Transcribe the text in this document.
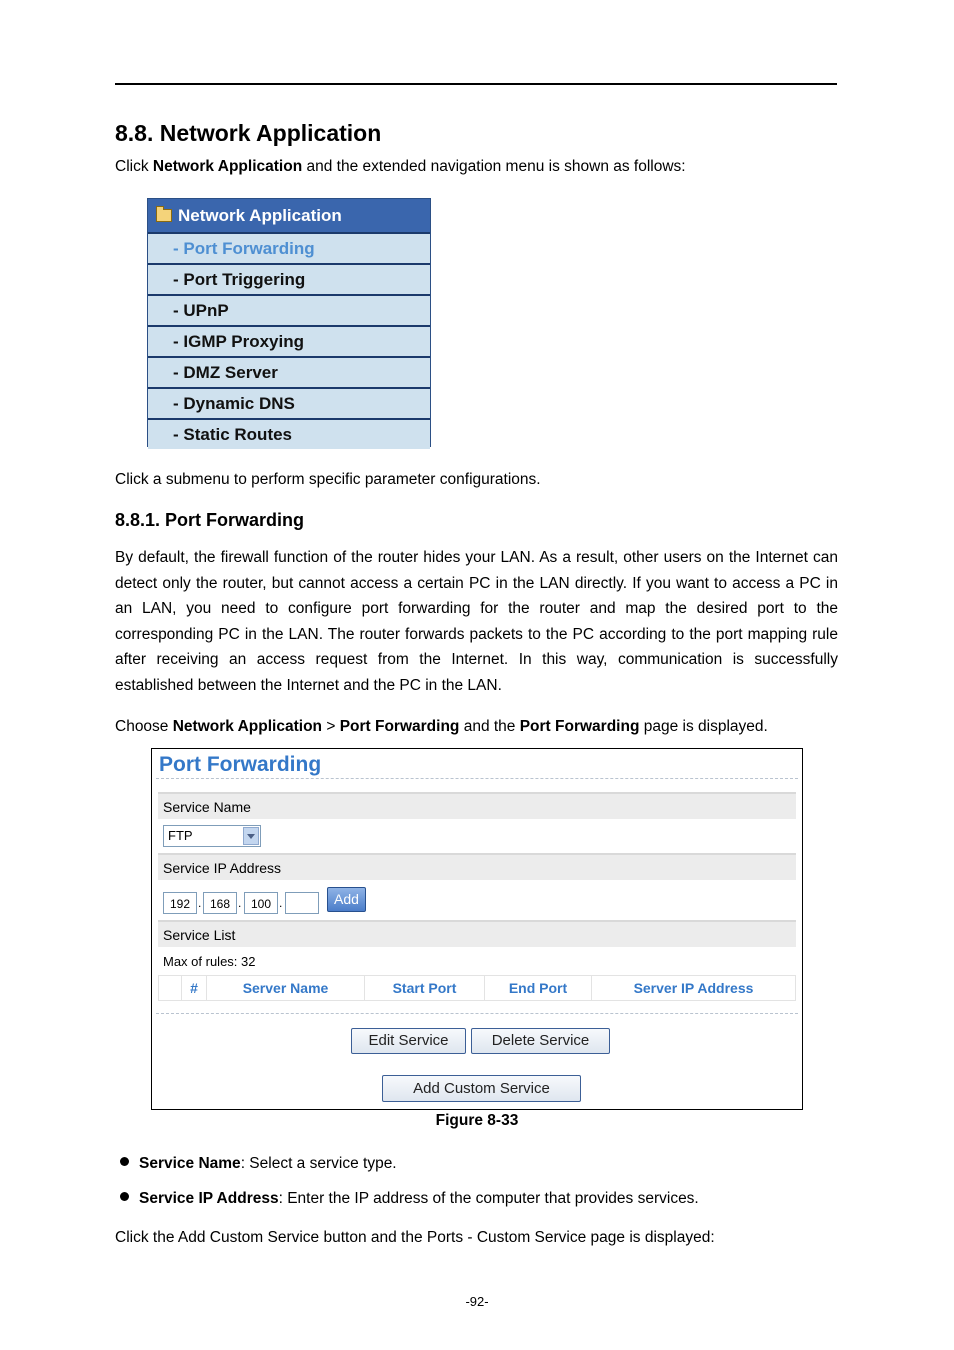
8.8. Network Application

Click Network Application and the extended navigation menu is shown as follows:

Network Application
- Port Forwarding
- Port Triggering
- UPnP
- IGMP Proxying
- DMZ Server
- Dynamic DNS
- Static Routes

Click a submenu to perform specific parameter configurations.

8.8.1. Port Forwarding

By default, the firewall function of the router hides your LAN. As a result, other users on the Internet can detect only the router, but cannot access a certain PC in the LAN directly. If you want to access a PC in an LAN, you need to configure port forwarding for the router and map the desired port to the corresponding PC in the LAN. The router forwards packets to the PC according to the port mapping rule after receiving an access request from the Internet. In this way, communication is successfully established between the Internet and the PC in the LAN.

Choose Network Application > Port Forwarding and the Port Forwarding page is displayed.

Port Forwarding
Service Name
FTP
Service IP Address
192 . 168 . 100 .	Add
Service List
Max of rules: 32
#	Server Name	Start Port	End Port	Server IP Address
Edit Service	Delete Service
Add Custom Service
Figure 8-33
Service Name: Select a service type.
Service IP Address: Enter the IP address of the computer that provides services.

Click the Add Custom Service button and the Ports - Custom Service page is displayed:

-92-
